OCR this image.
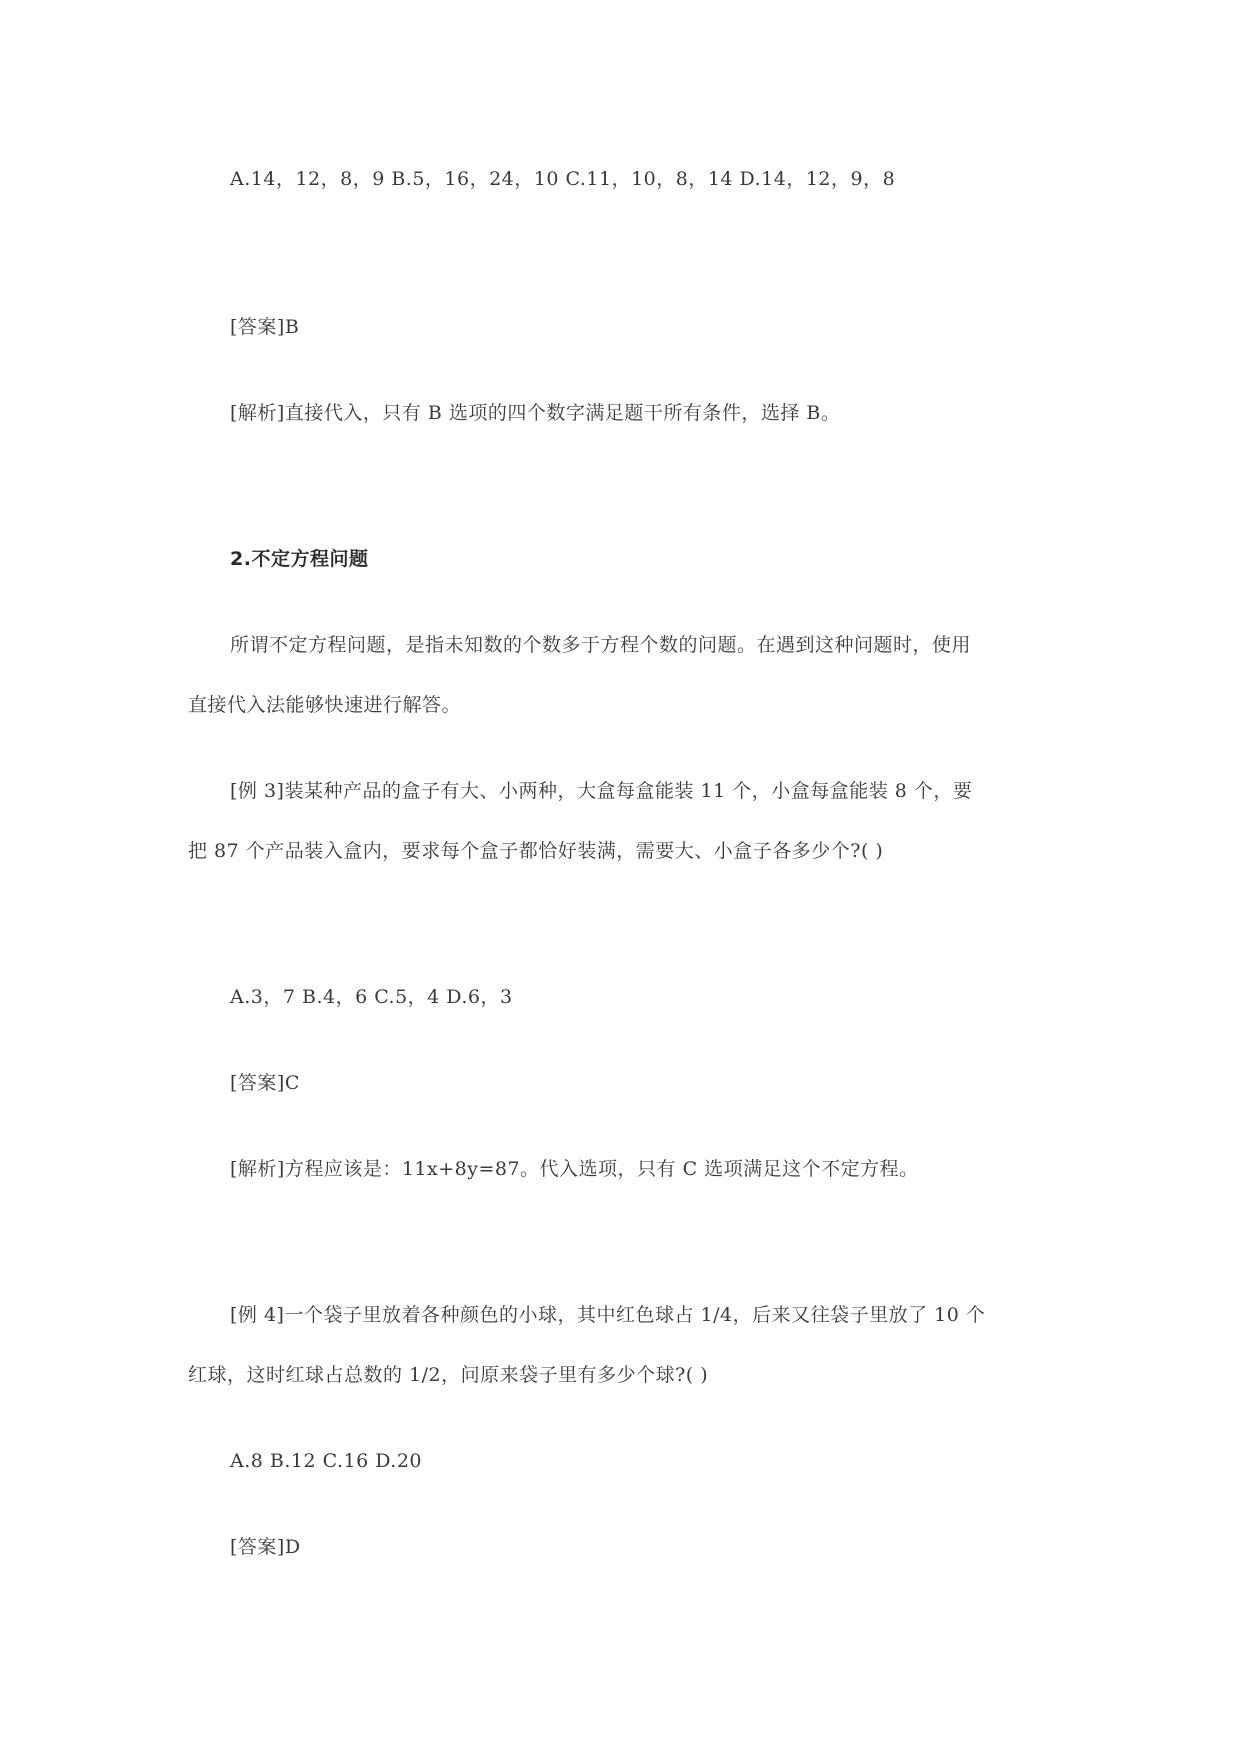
A.14，12，8，9 B.5，16，24，10 C.11，10，8，14 D.14，12，9，8
[答案]B
[解析]直接代入，只有 B 选项的四个数字满足题干所有条件，选择 B。
2.不定方程问题
所谓不定方程问题，是指未知数的个数多于方程个数的问题。在遇到这种问题时，使用
直接代入法能够快速进行解答。
[例 3]装某种产品的盒子有大、小两种，大盒每盒能装 11 个，小盒每盒能装 8 个，要
把 87 个产品装入盒内，要求每个盒子都恰好装满，需要大、小盒子各多少个?( )
A.3，7 B.4，6 C.5，4 D.6，3
[答案]C
[解析]方程应该是：11x+8y=87。代入选项，只有 C 选项满足这个不定方程。
[例 4]一个袋子里放着各种颜色的小球，其中红色球占 1/4，后来又往袋子里放了 10 个
红球，这时红球占总数的 1/2，问原来袋子里有多少个球?( )
A.8 B.12 C.16 D.20
[答案]D
